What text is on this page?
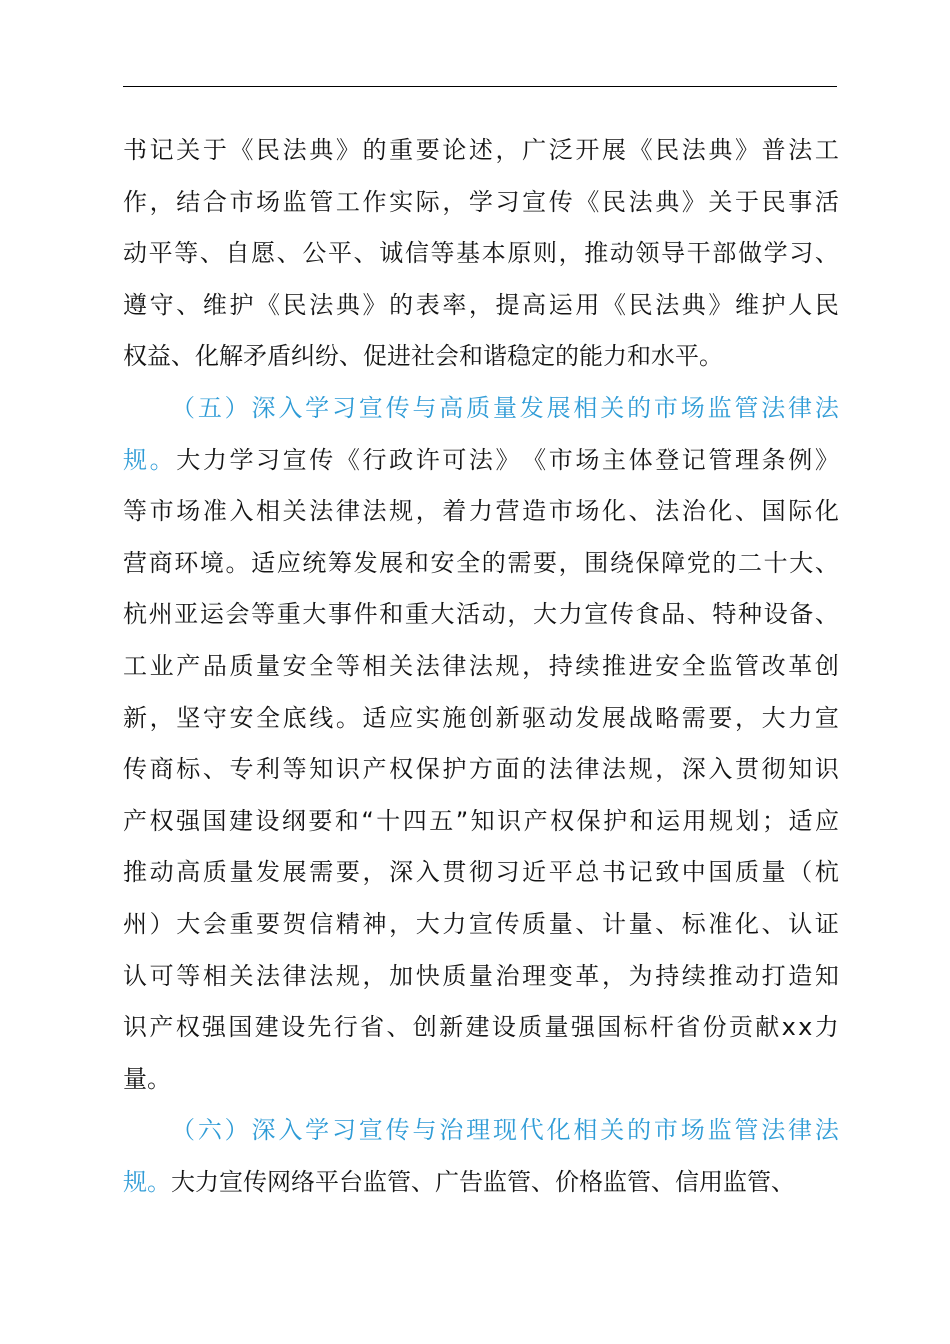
书 记 关 于 《 民 法 典 》 的 重 要 论 述 ， 广 泛 开 展 《 民 法 典 》 普 法 工
作 ， 结 合 市 场 监 管 工 作 实 际 ， 学 习 宣 传 《 民 法 典 》 关 于 民 事 活
动 平 等 、 自 愿 、 公 平 、 诚 信 等 基 本 原 则 ， 推 动 领 导 干 部 做 学 习 、
遵 守 、 维 护 《 民 法 典 》 的 表 率 ， 提 高 运 用 《 民 法 典 》 维 护 人 民
权 益 、 化 解 矛 盾 纠 纷 、 促 进 社 会 和 谐 稳 定 的 能 力 和 水 平 。
（ 五 ） 深 入 学 习 宣 传 与 高 质 量 发 展 相 关 的 市 场 监 管 法 律 法
规 。 大 力 学 习 宣 传 《 行 政 许 可 法 》 《 市 场 主 体 登 记 管 理 条 例 》
等 市 场 准 入 相 关 法 律 法 规 ， 着 力 营 造 市 场 化 、 法 治 化 、 国 际 化
营 商 环 境 。 适 应 统 筹 发 展 和 安 全 的 需 要 ， 围 绕 保 障 党 的 二 十 大 、
杭 州 亚 运 会 等 重 大 事 件 和 重 大 活 动 ， 大 力 宣 传 食 品 、 特 种 设 备 、
工 业 产 品 质 量 安 全 等 相 关 法 律 法 规 ， 持 续 推 进 安 全 监 管 改 革 创
新 ， 坚 守 安 全 底 线 。 适 应 实 施 创 新 驱 动 发 展 战 略 需 要 ， 大 力 宣
传 商 标 、 专 利 等 知 识 产 权 保 护 方 面 的 法 律 法 规 ， 深 入 贯 彻 知 识
产 权 强 国 建 设 纲 要 和 “ 十 四 五 ” 知 识 产 权 保 护 和 运 用 规 划 ； 适 应
推 动 高 质 量 发 展 需 要 ， 深 入 贯 彻 习 近 平 总 书 记 致 中 国 质 量 （ 杭
州 ） 大 会 重 要 贺 信 精 神 ， 大 力 宣 传 质 量 、 计 量 、 标 准 化 、 认 证
认 可 等 相 关 法 律 法 规 ， 加 快 质 量 治 理 变 革 ， 为 持 续 推 动 打 造 知
识 产 权 强 国 建 设 先 行 省 、 创 新 建 设 质 量 强 国 标 杆 省 份 贡 献 x x 力
量 。
（ 六 ） 深 入 学 习 宣 传 与 治 理 现 代 化 相 关 的 市 场 监 管 法 律 法
规 。 大 力 宣 传 网 络 平 台 监 管 、 广 告 监 管 、 价 格 监 管 、 信 用 监 管 、
